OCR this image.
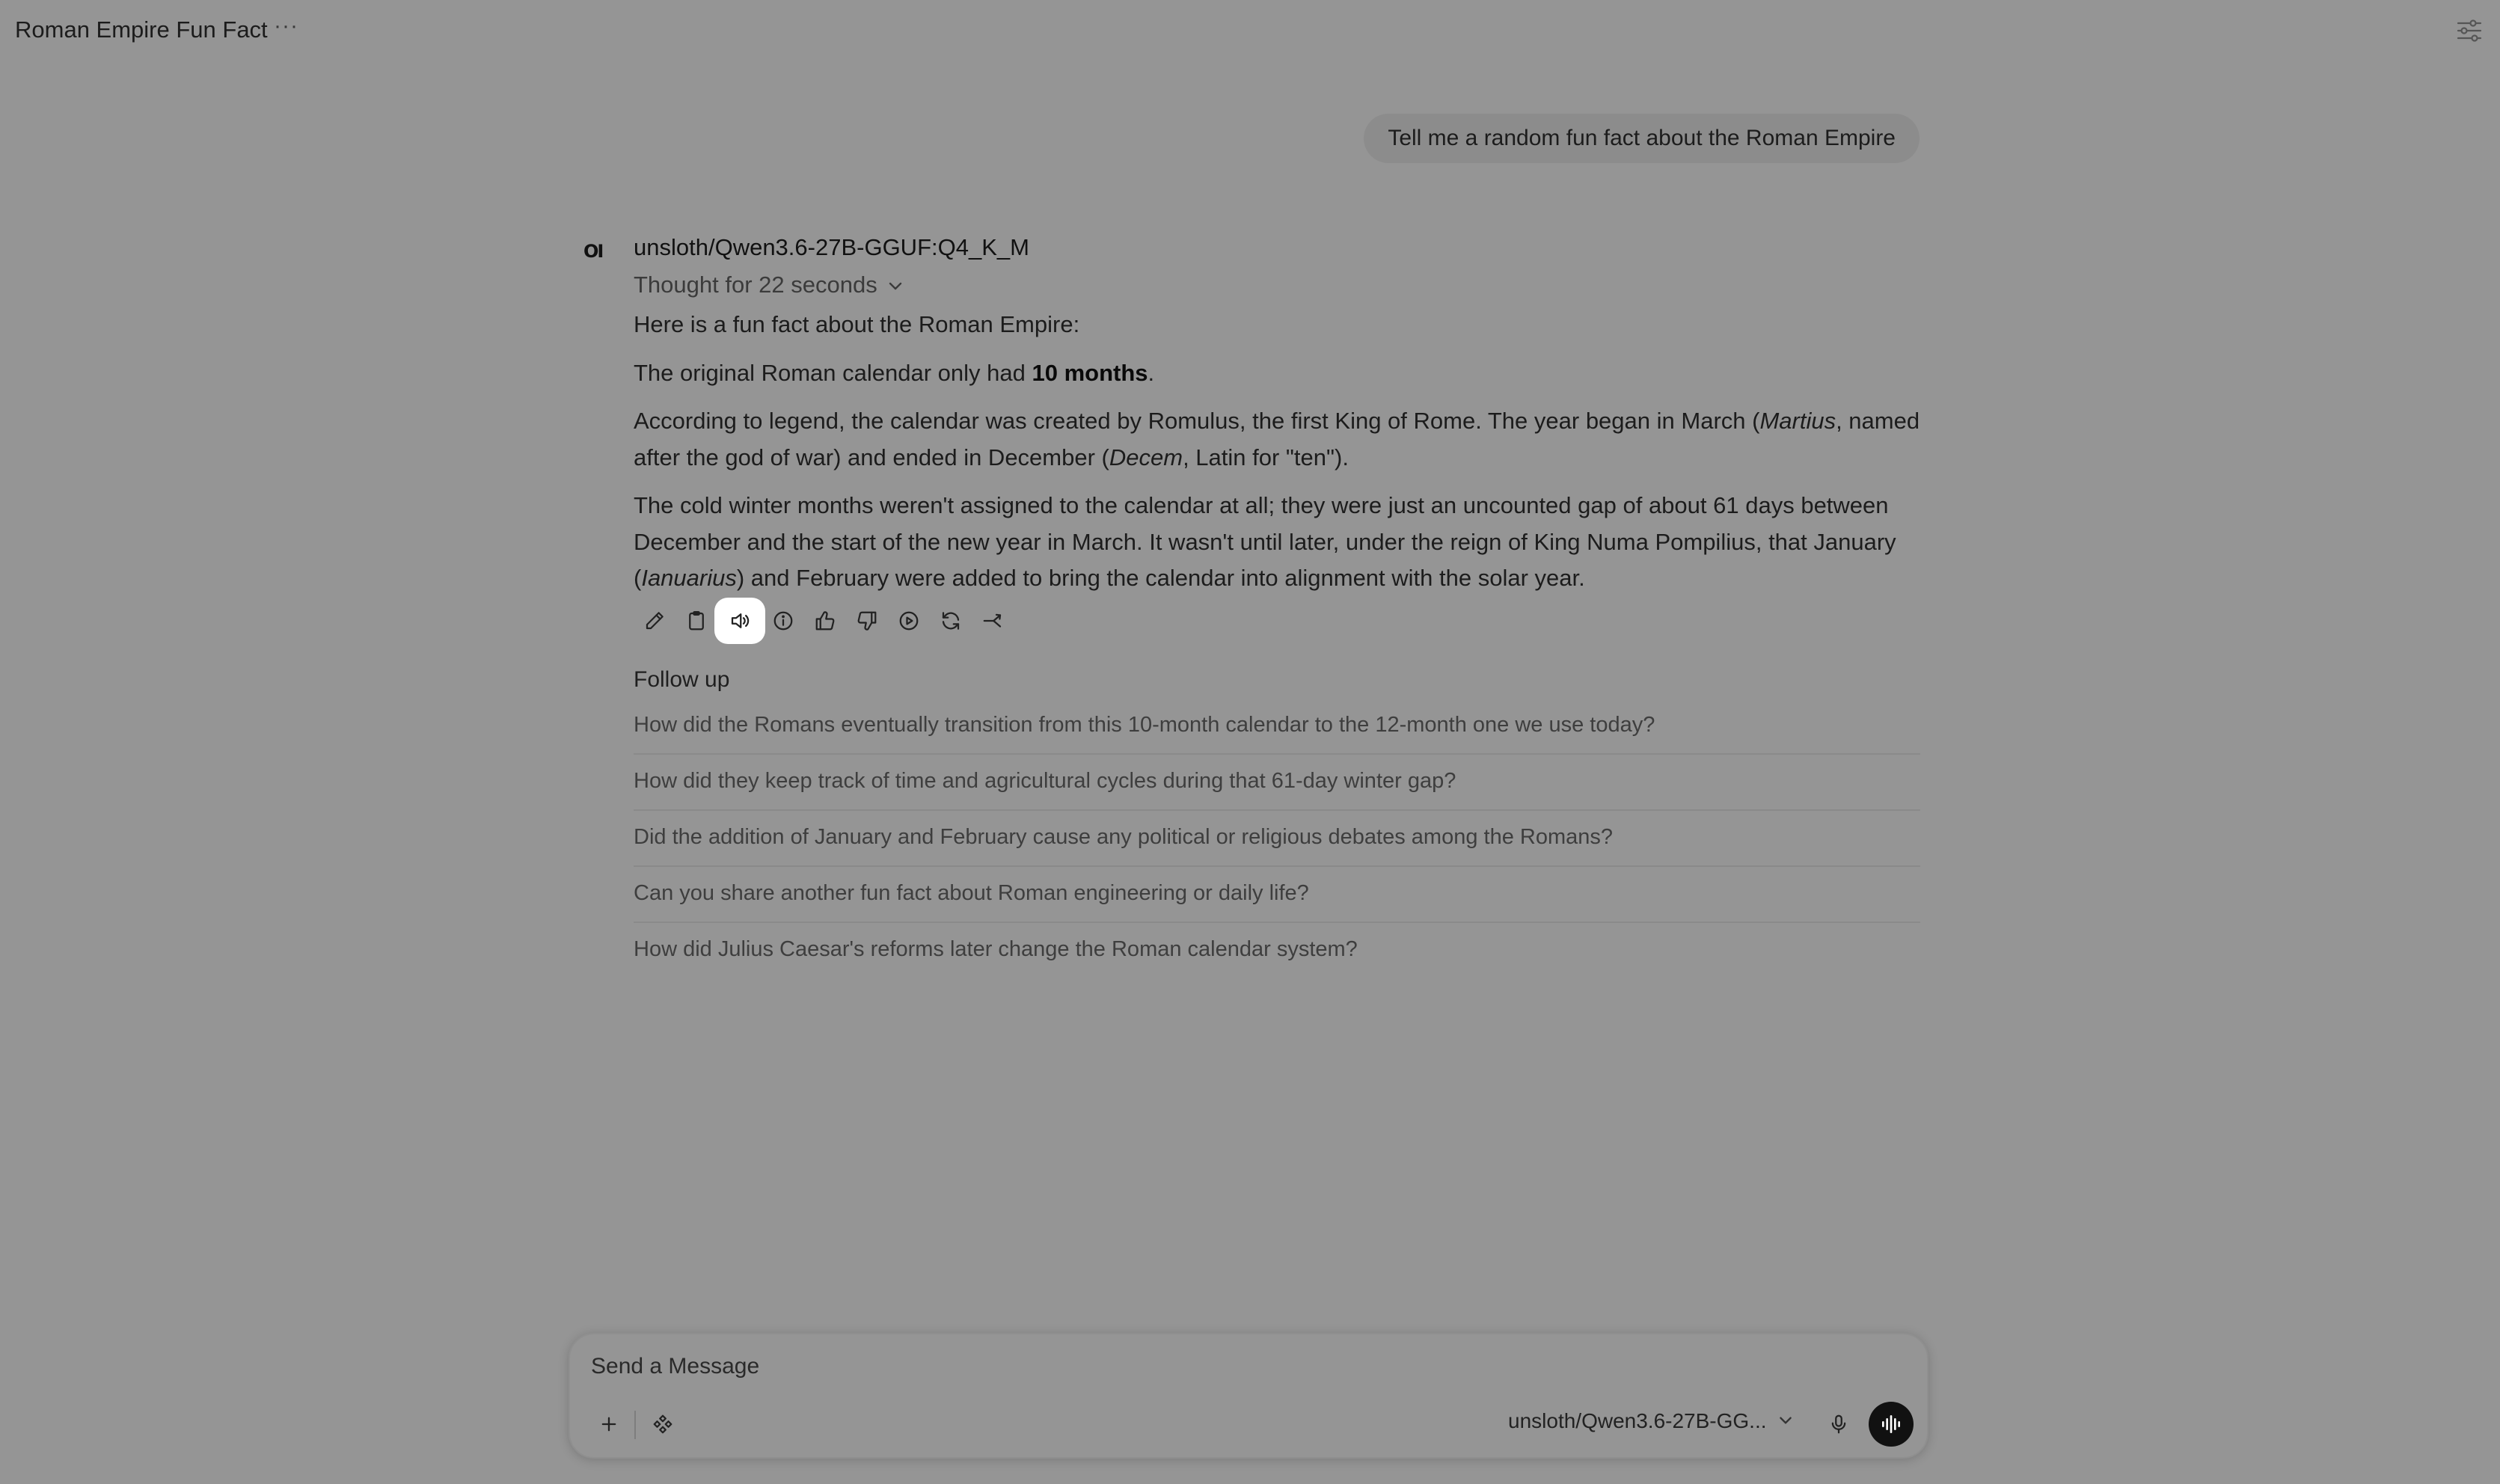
Roman Empire Fun Fact ···
Tell me a random fun fact about the Roman Empire
OI unsloth/Qwen3.6-27B-GGUF:Q4_K_M
Thought for 22 seconds

Here is a fun fact about the Roman Empire:

The original Roman calendar only had 10 months.

According to legend, the calendar was created by Romulus, the first King of Rome. The year began in March (Martius, named after the god of war) and ended in December (Decem, Latin for "ten").

The cold winter months weren't assigned to the calendar at all; they were just an uncounted gap of about 61 days between December and the start of the new year in March. It wasn't until later, under the reign of King Numa Pompilius, that January (Ianuarius) and February were added to bring the calendar into alignment with the solar year.

Follow up
How did the Romans eventually transition from this 10-month calendar to the 12-month one we use today?
How did they keep track of time and agricultural cycles during that 61-day winter gap?
Did the addition of January and February cause any political or religious debates among the Romans?
Can you share another fun fact about Roman engineering or daily life?
How did Julius Caesar's reforms later change the Roman calendar system?
Send a Message
unsloth/Qwen3.6-27B-GG...
